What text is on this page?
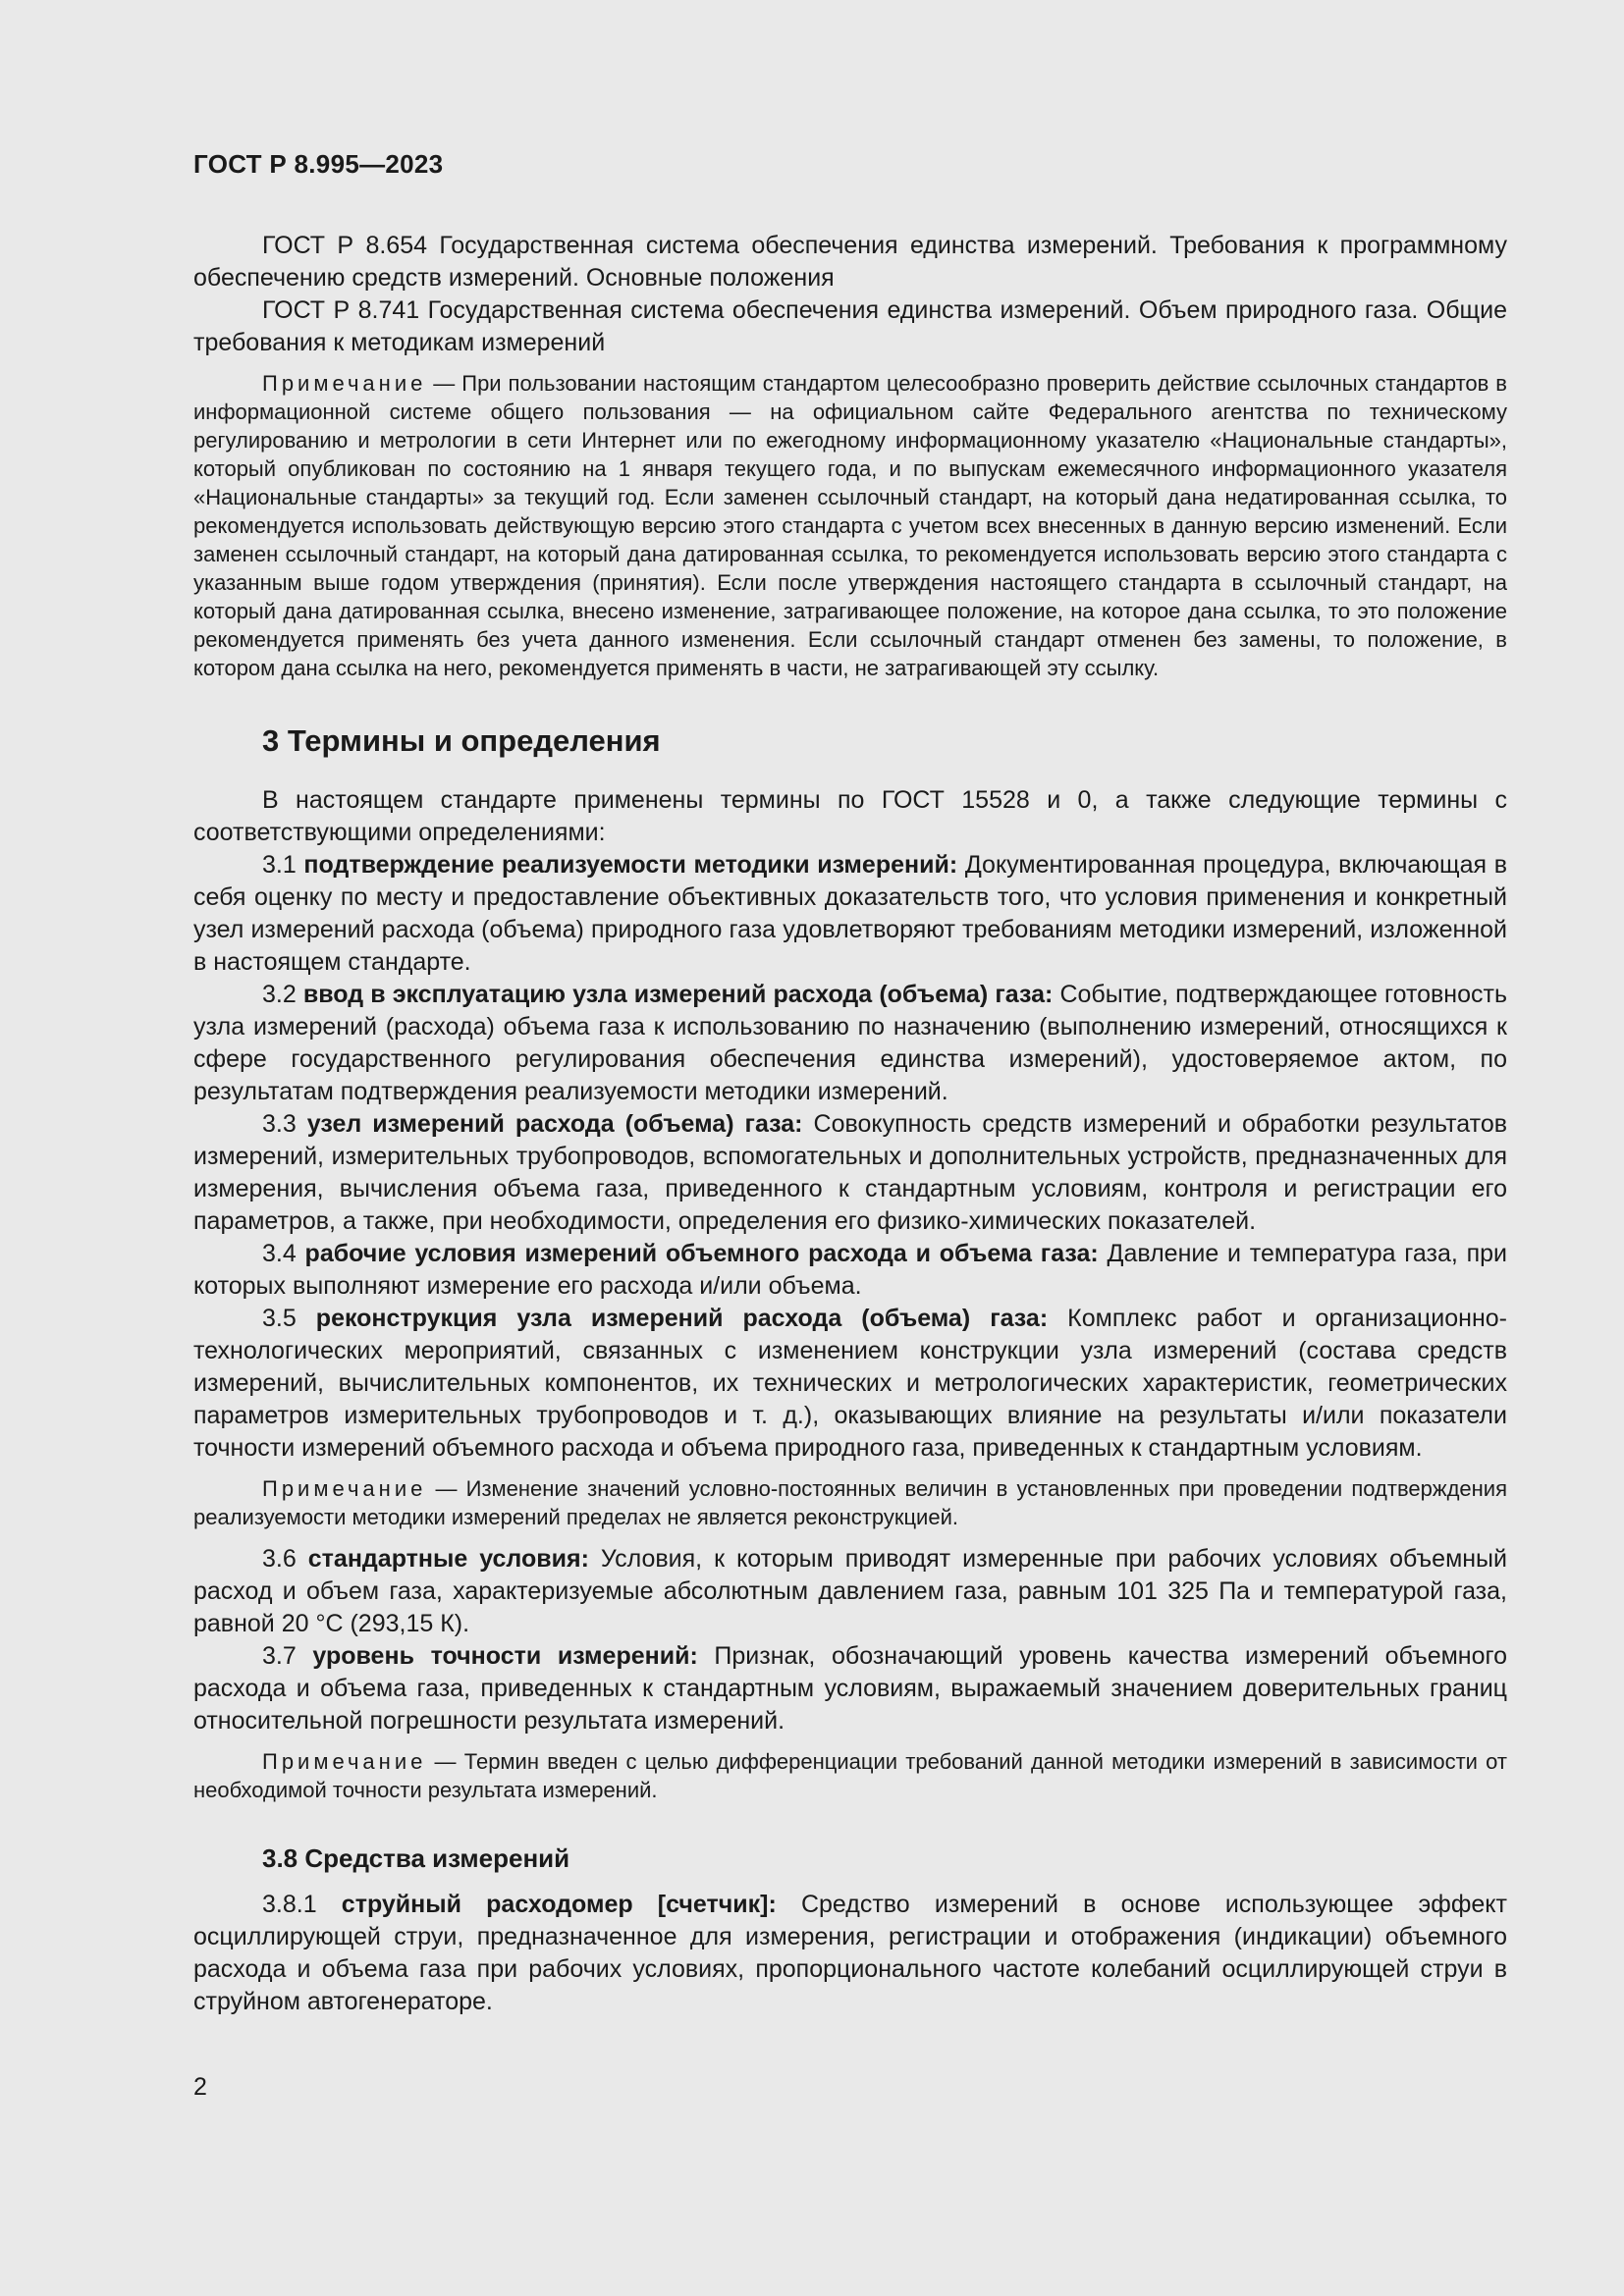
ГОСТ Р 8.995—2023

ГОСТ Р 8.654 Государственная система обеспечения единства измерений. Требования к программному обеспечению средств измерений. Основные положения

ГОСТ Р 8.741 Государственная система обеспечения единства измерений. Объем природного газа. Общие требования к методикам измерений

Примечание — При пользовании настоящим стандартом целесообразно проверить действие ссылочных стандартов в информационной системе общего пользования — на официальном сайте Федерального агентства по техническому регулированию и метрологии в сети Интернет или по ежегодному информационному указателю «Национальные стандарты», который опубликован по состоянию на 1 января текущего года, и по выпускам ежемесячного информационного указателя «Национальные стандарты» за текущий год. Если заменен ссылочный стандарт, на который дана недатированная ссылка, то рекомендуется использовать действующую версию этого стандарта с учетом всех внесенных в данную версию изменений. Если заменен ссылочный стандарт, на который дана датированная ссылка, то рекомендуется использовать версию этого стандарта с указанным выше годом утверждения (принятия). Если после утверждения настоящего стандарта в ссылочный стандарт, на который дана датированная ссылка, внесено изменение, затрагивающее положение, на которое дана ссылка, то это положение рекомендуется применять без учета данного изменения. Если ссылочный стандарт отменен без замены, то положение, в котором дана ссылка на него, рекомендуется применять в части, не затрагивающей эту ссылку.

3 Термины и определения

В настоящем стандарте применены термины по ГОСТ 15528 и 0, а также следующие термины с соответствующими определениями:

3.1 подтверждение реализуемости методики измерений: Документированная процедура, включающая в себя оценку по месту и предоставление объективных доказательств того, что условия применения и конкретный узел измерений расхода (объема) природного газа удовлетворяют требованиям методики измерений, изложенной в настоящем стандарте.

3.2 ввод в эксплуатацию узла измерений расхода (объема) газа: Событие, подтверждающее готовность узла измерений (расхода) объема газа к использованию по назначению (выполнению измерений, относящихся к сфере государственного регулирования обеспечения единства измерений), удостоверяемое актом, по результатам подтверждения реализуемости методики измерений.

3.3 узел измерений расхода (объема) газа: Совокупность средств измерений и обработки результатов измерений, измерительных трубопроводов, вспомогательных и дополнительных устройств, предназначенных для измерения, вычисления объема газа, приведенного к стандартным условиям, контроля и регистрации его параметров, а также, при необходимости, определения его физико-химических показателей.

3.4 рабочие условия измерений объемного расхода и объема газа: Давление и температура газа, при которых выполняют измерение его расхода и/или объема.

3.5 реконструкция узла измерений расхода (объема) газа: Комплекс работ и организационно-технологических мероприятий, связанных с изменением конструкции узла измерений (состава средств измерений, вычислительных компонентов, их технических и метрологических характеристик, геометрических параметров измерительных трубопроводов и т. д.), оказывающих влияние на результаты и/или показатели точности измерений объемного расхода и объема природного газа, приведенных к стандартным условиям.

Примечание — Изменение значений условно-постоянных величин в установленных при проведении подтверждения реализуемости методики измерений пределах не является реконструкцией.

3.6 стандартные условия: Условия, к которым приводят измеренные при рабочих условиях объемный расход и объем газа, характеризуемые абсолютным давлением газа, равным 101 325 Па и температурой газа, равной 20 °С (293,15 К).

3.7 уровень точности измерений: Признак, обозначающий уровень качества измерений объемного расхода и объема газа, приведенных к стандартным условиям, выражаемый значением доверительных границ относительной погрешности результата измерений.

Примечание — Термин введен с целью дифференциации требований данной методики измерений в зависимости от необходимой точности результата измерений.

3.8 Средства измерений

3.8.1 струйный расходомер [счетчик]: Средство измерений в основе использующее эффект осциллирующей струи, предназначенное для измерения, регистрации и отображения (индикации) объемного расхода и объема газа при рабочих условиях, пропорционального частоте колебаний осциллирующей струи в струйном автогенераторе.

2
